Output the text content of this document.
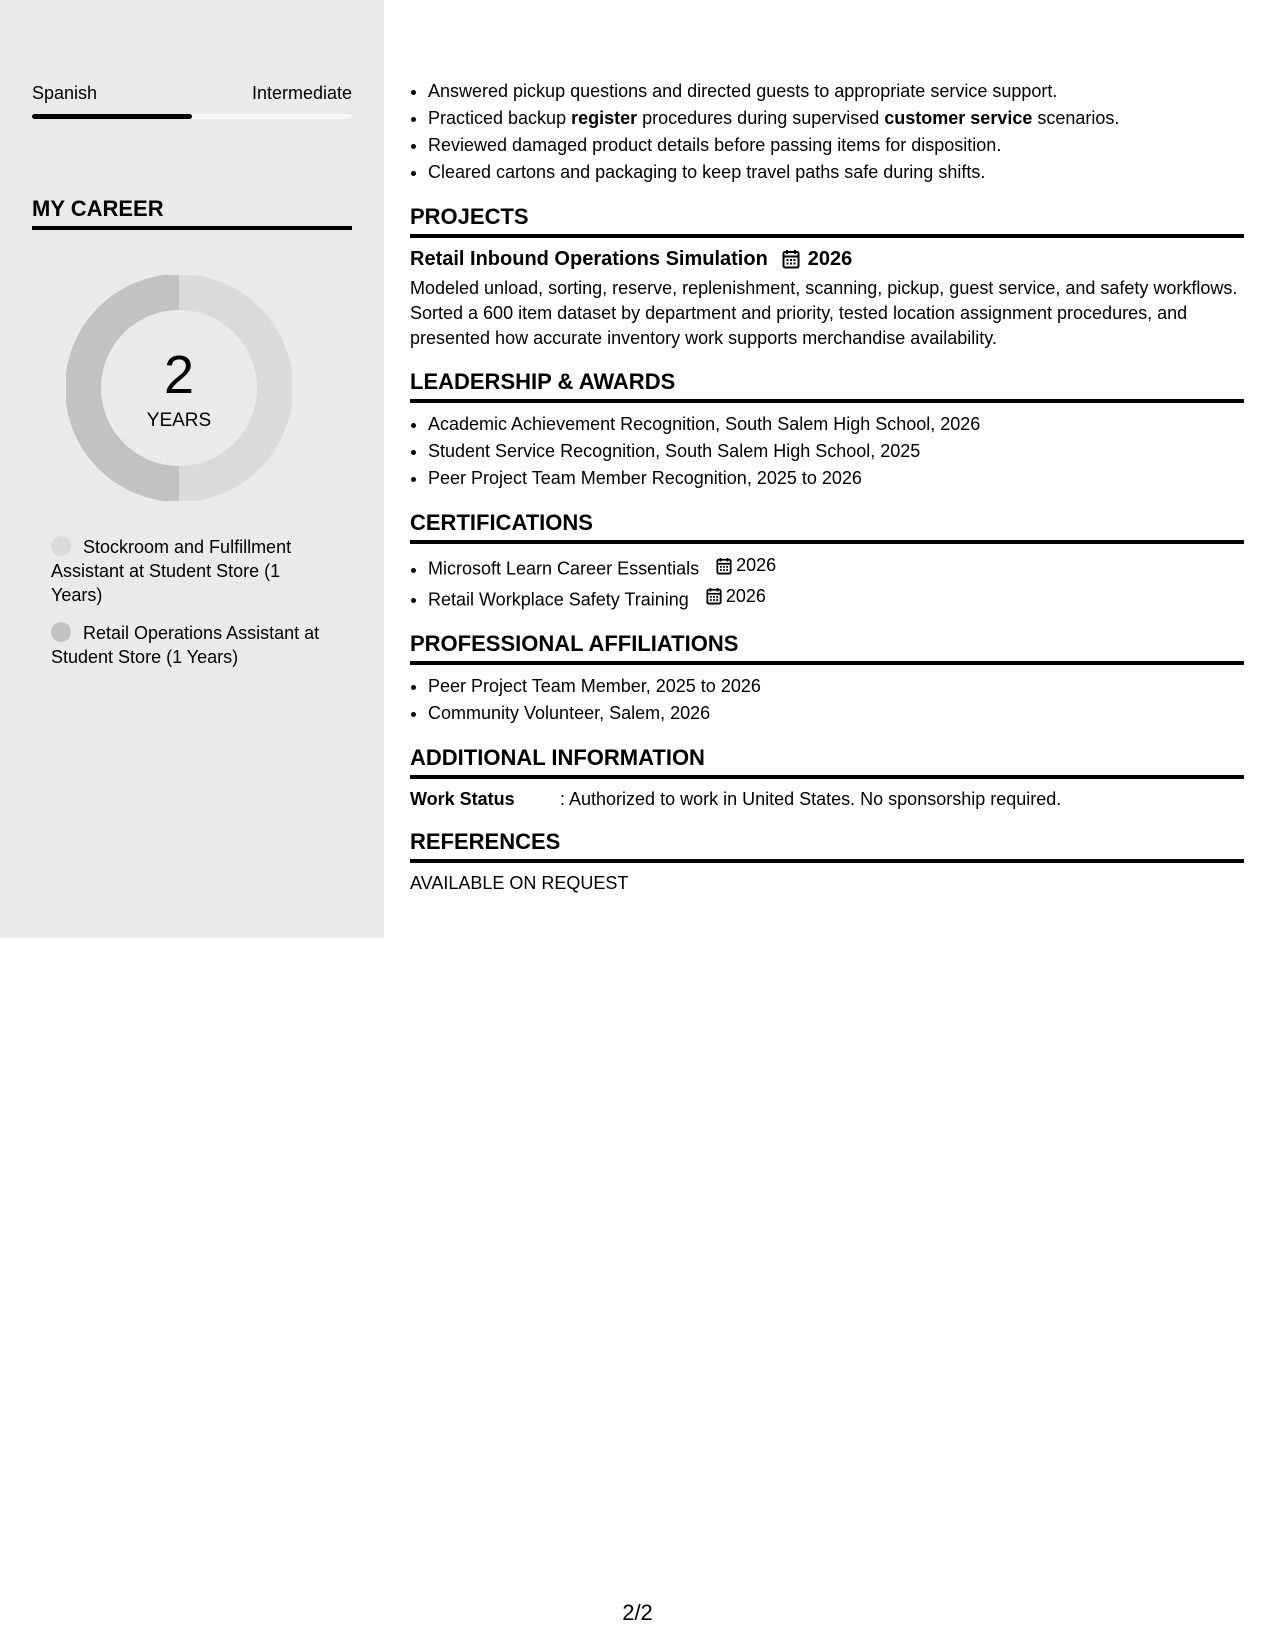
Spanish	Intermediate
MY CAREER
2
YEARS
Stockroom and Fulfillment Assistant at Student Store (1 Years)
Retail Operations Assistant at Student Store (1 Years)
• Answered pickup questions and directed guests to appropriate service support.
• Practiced backup register procedures during supervised customer service scenarios.
• Reviewed damaged product details before passing items for disposition.
• Cleared cartons and packaging to keep travel paths safe during shifts.
PROJECTS
Retail Inbound Operations Simulation 2026
Modeled unload, sorting, reserve, replenishment, scanning, pickup, guest service, and safety workflows. Sorted a 600 item dataset by department and priority, tested location assignment procedures, and presented how accurate inventory work supports merchandise availability.
LEADERSHIP & AWARDS
• Academic Achievement Recognition, South Salem High School, 2026
• Student Service Recognition, South Salem High School, 2025
• Peer Project Team Member Recognition, 2025 to 2026
CERTIFICATIONS
• Microsoft Learn Career Essentials 2026
• Retail Workplace Safety Training 2026
PROFESSIONAL AFFILIATIONS
• Peer Project Team Member, 2025 to 2026
• Community Volunteer, Salem, 2026
ADDITIONAL INFORMATION
Work Status	: Authorized to work in United States. No sponsorship required.
REFERENCES
AVAILABLE ON REQUEST
2/2
